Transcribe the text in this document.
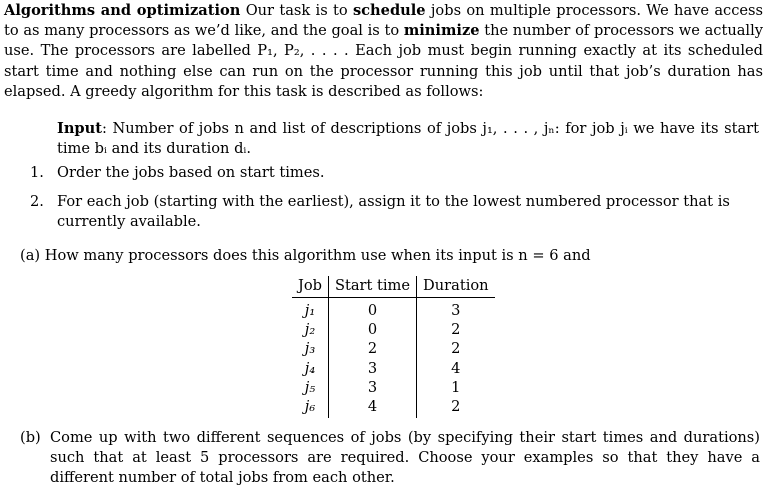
Algorithms and optimization Our task is to schedule jobs on multiple processors. We have access to as many processors as we’d like, and the goal is to minimize the number of processors we actually use. The processors are labelled P₁, P₂, . . . . Each job must begin running exactly at its scheduled start time and nothing else can run on the processor running this job until that job’s duration has elapsed. A greedy algorithm for this task is described as follows:
Input: Number of jobs n and list of descriptions of jobs j₁, . . . , jₙ: for job jᵢ we have its start time bᵢ and its duration dᵢ.
1. Order the jobs based on start times.
2. For each job (starting with the earliest), assign it to the lowest numbered processor that is currently available.
(a) How many processors does this algorithm use when its input is n = 6 and
Job	Start time	Duration
j₁	0	3
j₂	0	2
j₃	2	2
j₄	3	4
j₅	3	1
j₆	4	2
(b) Come up with two different sequences of jobs (by specifying their start times and durations) such that at least 5 processors are required. Choose your examples so that they have a different number of total jobs from each other.
